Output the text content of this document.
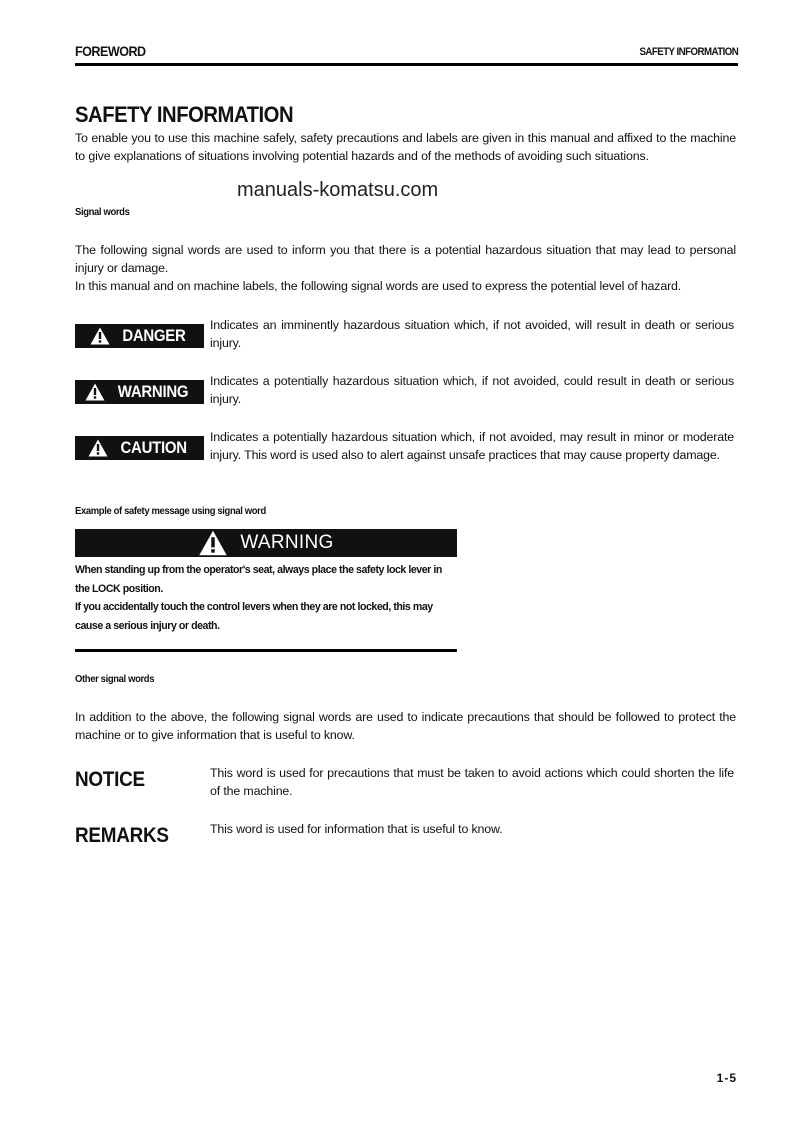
FOREWORD	SAFETY INFORMATION
SAFETY INFORMATION
To enable you to use this machine safely, safety precautions and labels are given in this manual and affixed to the machine to give explanations of situations involving potential hazards and of the methods of avoiding such situations.
manuals-komatsu.com
Signal words
The following signal words are used to inform you that there is a potential hazardous situation that may lead to personal injury or damage.
In this manual and on machine labels, the following signal words are used to express the potential level of hazard.
DANGER
Indicates an imminently hazardous situation which, if not avoided, will result in death or serious injury.
WARNING
Indicates a potentially hazardous situation which, if not avoided, could result in death or serious injury.
CAUTION
Indicates a potentially hazardous situation which, if not avoided, may result in minor or moderate injury. This word is used also to alert against unsafe practices that may cause property damage.
Example of safety message using signal word
WARNING
When standing up from the operator's seat, always place the safety lock lever in the LOCK position.
If you accidentally touch the control levers when they are not locked, this may cause a serious injury or death.
Other signal words
In addition to the above, the following signal words are used to indicate precautions that should be followed to protect the machine or to give information that is useful to know.
NOTICE	This word is used for precautions that must be taken to avoid actions which could shorten the life of the machine.
REMARKS	This word is used for information that is useful to know.
1-5
